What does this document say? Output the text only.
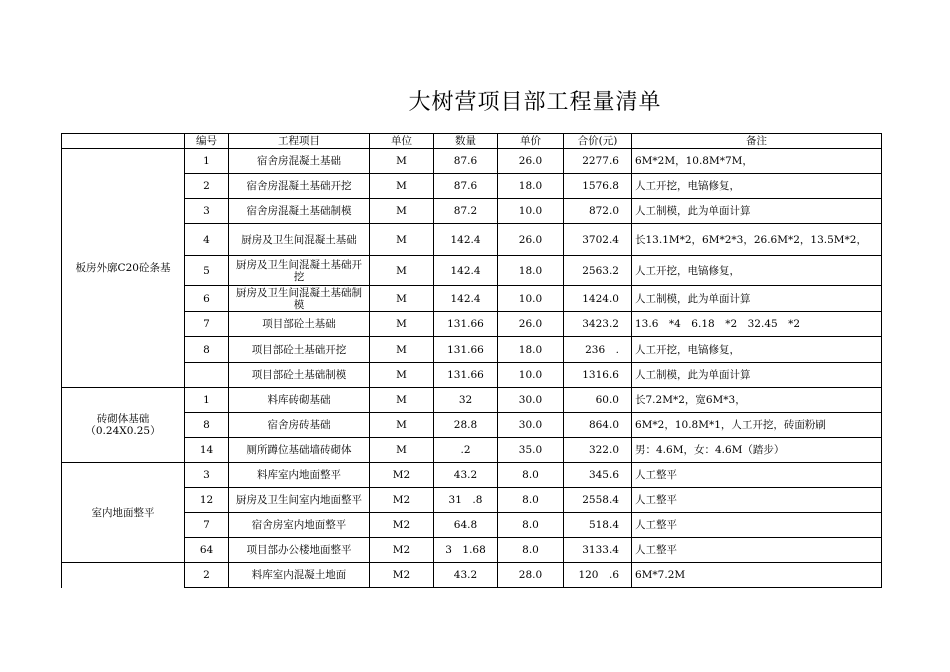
大树营项目部工程量清单
	编号	工程项目	单位	数量	单价	合价(元)	备注

板房外廓C20砼条基	1	宿舍房混凝土基础	M	87.6	26.0	2277.6	6M*2M，10.8M*7M，
	2	宿舍房混凝土基础开挖	M	87.6	18.0	1576.8	人工开挖，电镐修复，
	3	宿舍房混凝土基础制模	M	87.2	10.0	872.0	人工制模，此为单面计算
	4	厨房及卫生间混凝土基础	M	142.4	26.0	3702.4	长13.1M*2，6M*2*3，26.6M*2，13.5M*2，
	5	厨房及卫生间混凝土基础开挖	M	142.4	18.0	2563.2	人工开挖，电镐修复，
	6	厨房及卫生间混凝土基础制模	M	142.4	10.0	1424.0	人工制模，此为单面计算
	7	项目部砼土基础	M	131.66	26.0	3423.2	13.6　*4　6.18　*2　32.45　*2
	8	项目部砼土基础开挖	M	131.66	18.0	236　.	人工开挖，电镐修复，
		项目部砼土基础制模	M	131.66	10.0	1316.6	人工制模，此为单面计算

砖砌体基础
（0.24X0.25）	1	料库砖砌基础	M	32	30.0	60.0	长7.2M*2，宽6M*3，
	8	宿舍房砖基础	M	28.8	30.0	864.0	6M*2，10.8M*1，人工开挖，砖面粉刷
	14	厕所蹲位基础墙砖砌体	M	.2	35.0	322.0	男：4.6M，女：4.6M（踏步）

室内地面整平	3	料库室内地面整平	M2	43.2	8.0	345.6	人工整平
	12	厨房及卫生间室内地面整平	M2	31　.8	8.0	2558.4	人工整平
	7	宿舍房室内地面整平	M2	64.8	8.0	518.4	人工整平
	64	项目部办公楼地面整平	M2	3　1.68	8.0	3133.4	人工整平

	2	料库室内混凝土地面	M2	43.2	28.0	120　.6	6M*7.2M
